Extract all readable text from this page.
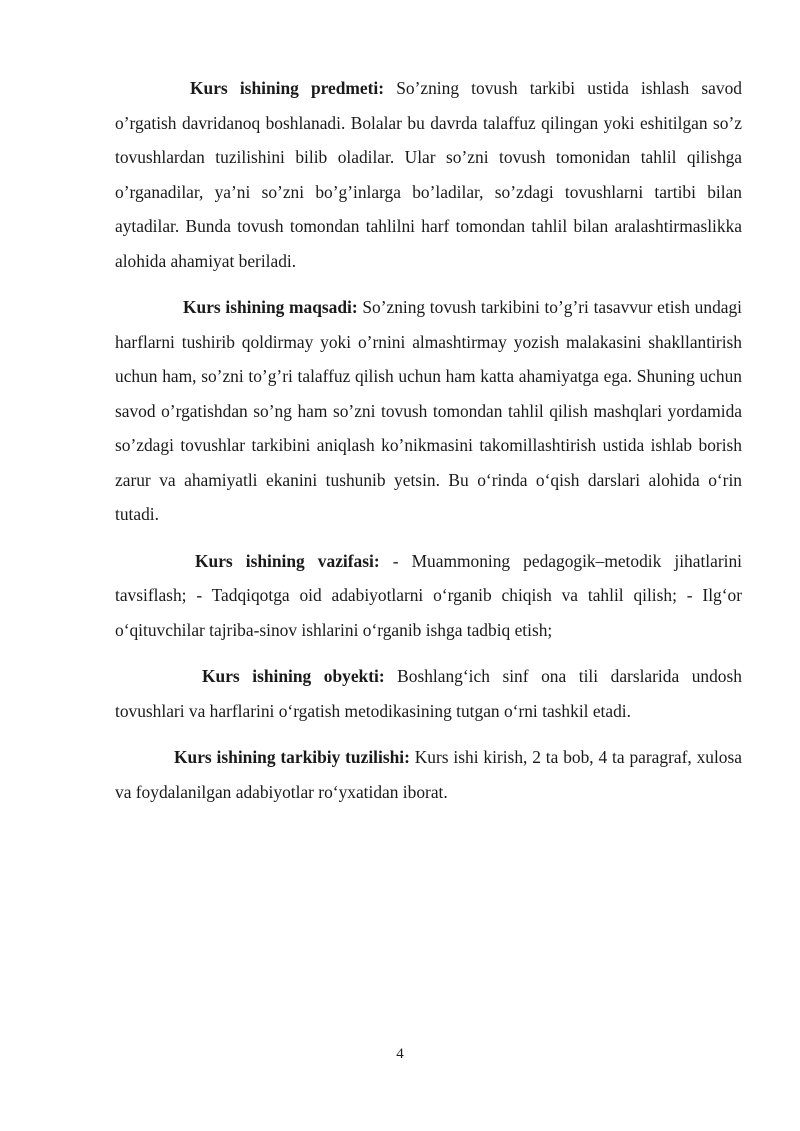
Kurs ishining predmeti: So’zning tovush tarkibi ustida ishlash savod o’rgatish davridanoq boshlanadi. Bolalar bu davrda talaffuz qilingan yoki eshitilgan so’z tovushlardan tuzilishini bilib oladilar. Ular so’zni tovush tomonidan tahlil qilishga o’rganadilar, ya’ni so’zni bo’g’inlarga bo’ladilar, so’zdagi tovushlarni tartibi bilan aytadilar. Bunda tovush tomondan tahlilni harf tomondan tahlil bilan aralashtirmaslikka alohida ahamiyat beriladi.

Kurs ishining maqsadi: So’zning tovush tarkibini to’g’ri tasavvur etish undagi harflarni tushirib qoldirmay yoki o’rnini almashtirmay yozish malakasini shakllantirish uchun ham, so’zni to’g’ri talaffuz qilish uchun ham katta ahamiyatga ega. Shuning uchun savod o’rgatishdan so’ng ham so’zni tovush tomondan tahlil qilish mashqlari yordamida so’zdagi tovushlar tarkibini aniqlash ko’nikmasini takomillashtirish ustida ishlab borish zarur va ahamiyatli ekanini tushunib yetsin. Bu o‘rinda o‘qish darslari alohida o‘rin tutadi.

Kurs ishining vazifasi: - Muammoning pedagogik–metodik jihatlarini tavsiflash; - Tadqiqotga oid adabiyotlarni o‘rganib chiqish va tahlil qilish; - Ilg‘or o‘qituvchilar tajriba-sinov ishlarini o‘rganib ishga tadbiq etish;

Kurs ishining obyekti: Boshlang‘ich sinf ona tili darslarida undosh tovushlari va harflarini o‘rgatish metodikasining tutgan o‘rni tashkil etadi.

Kurs ishining tarkibiy tuzilishi: Kurs ishi kirish, 2 ta bob, 4 ta paragraf, xulosa va foydalanilgan adabiyotlar ro‘yxatidan iborat.

4
